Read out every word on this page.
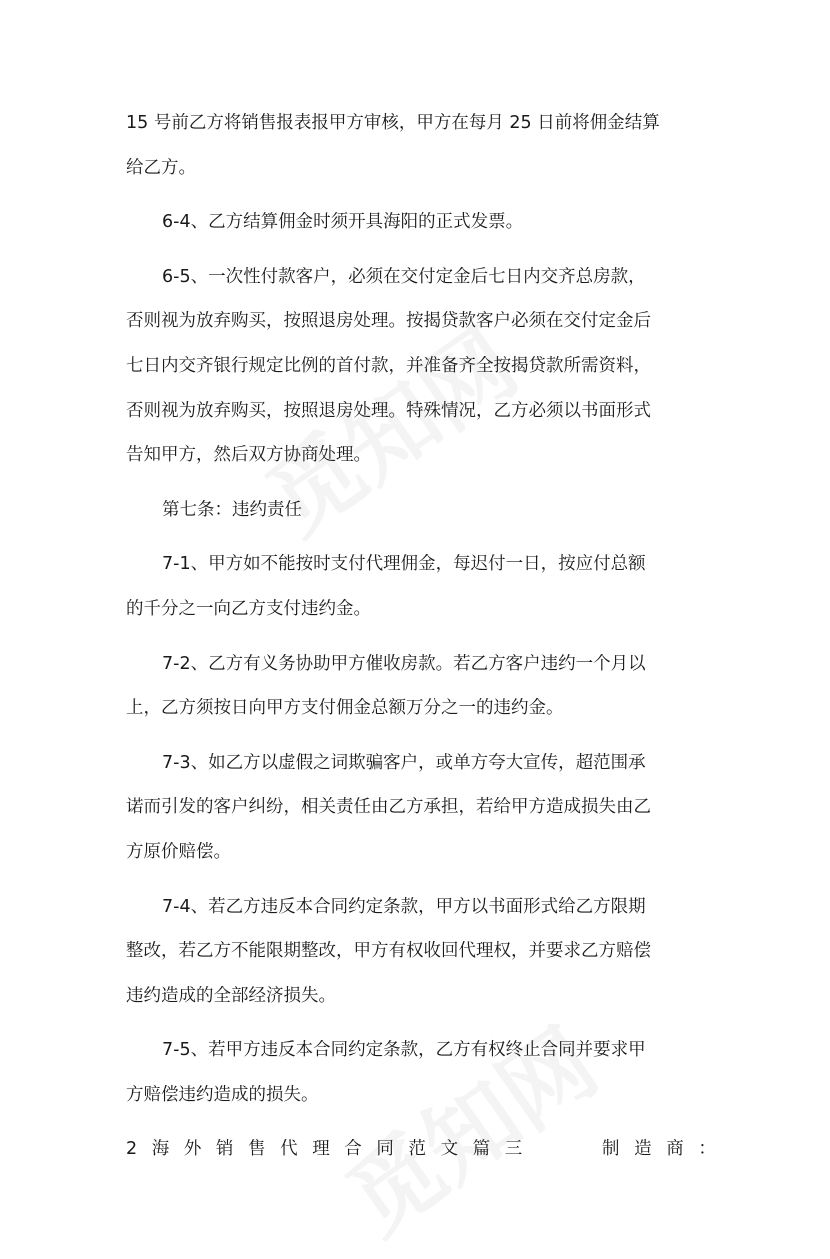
15 号前乙方将销售报表报甲方审核，甲方在每月 25 日前将佣金结算
给乙方。
6-4、乙方结算佣金时须开具海阳的正式发票。
6-5、一次性付款客户，必须在交付定金后七日内交齐总房款，
否则视为放弃购买，按照退房处理。按揭贷款客户必须在交付定金后
七日内交齐银行规定比例的首付款，并准备齐全按揭贷款所需资料，
否则视为放弃购买，按照退房处理。特殊情况，乙方必须以书面形式
告知甲方，然后双方协商处理。
第七条：违约责任
7-1、甲方如不能按时支付代理佣金，每迟付一日，按应付总额
的千分之一向乙方支付违约金。
7-2、乙方有义务协助甲方催收房款。若乙方客户违约一个月以
上，乙方须按日向甲方支付佣金总额万分之一的违约金。
7-3、如乙方以虚假之词欺骗客户，或单方夸大宣传，超范围承
诺而引发的客户纠纷，相关责任由乙方承担，若给甲方造成损失由乙
方原价赔偿。
7-4、若乙方违反本合同约定条款，甲方以书面形式给乙方限期
整改，若乙方不能限期整改，甲方有权收回代理权，并要求乙方赔偿
违约造成的全部经济损失。
7-5、若甲方违反本合同约定条款，乙方有权终止合同并要求甲
方赔偿违约造成的损失。
2 海 外 销 售 代 理 合 同 范 文 篇 三	制 造 商 ：
